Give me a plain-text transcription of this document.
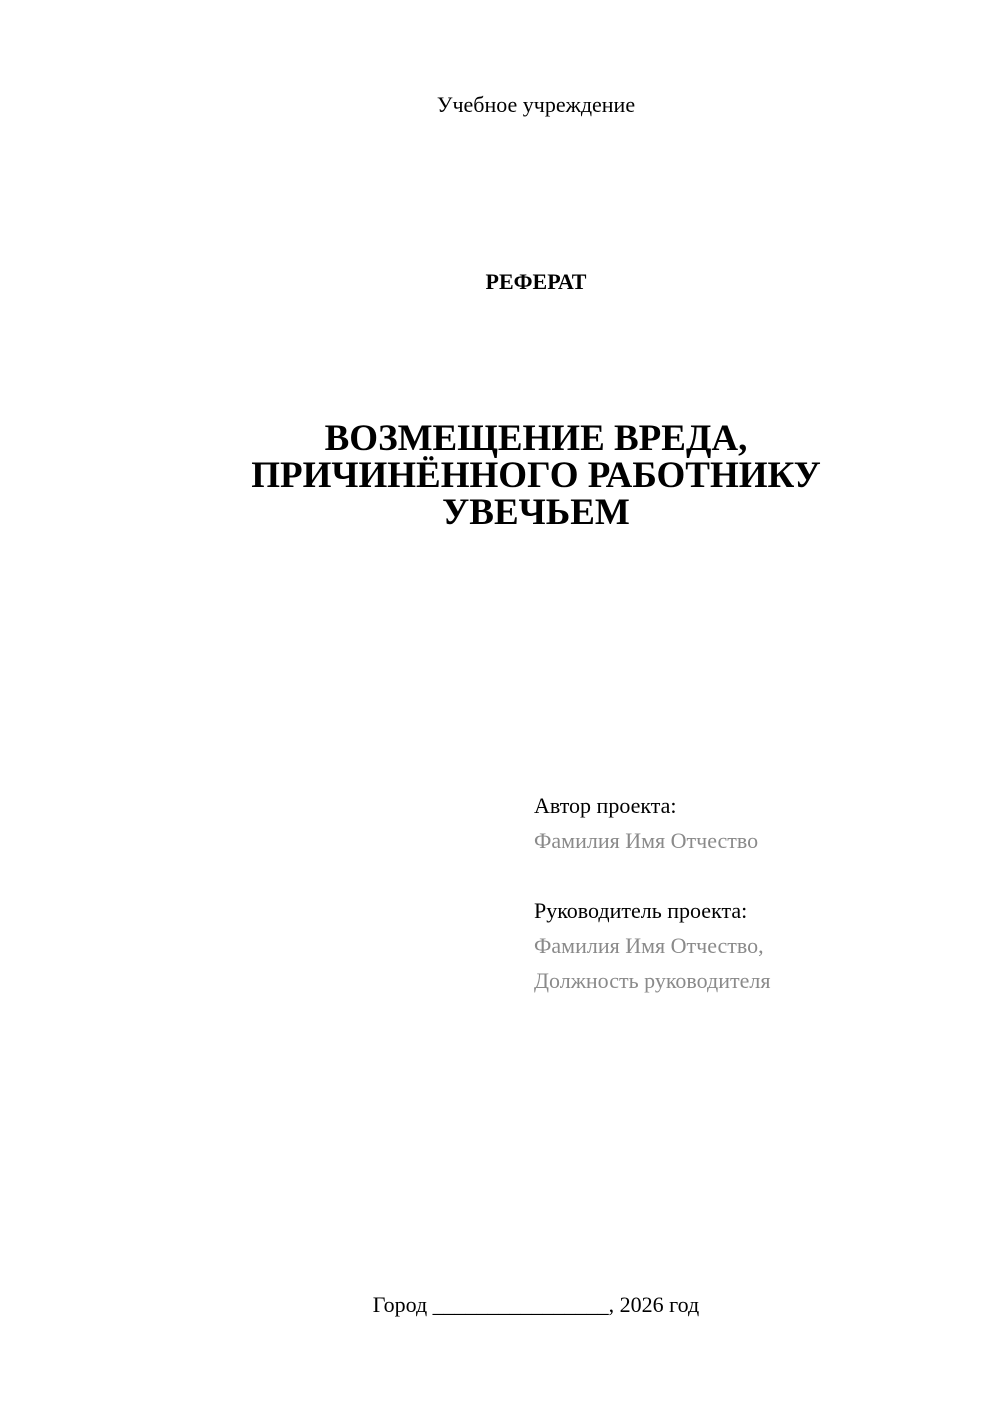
Учебное учреждение
РЕФЕРАТ
ВОЗМЕЩЕНИЕ ВРЕДА,
ПРИЧИНЁННОГО РАБОТНИКУ
УВЕЧЬЕМ
Автор проекта:
Фамилия Имя Отчество
Руководитель проекта:
Фамилия Имя Отчество,
Должность руководителя
Город ________________, 2026 год
